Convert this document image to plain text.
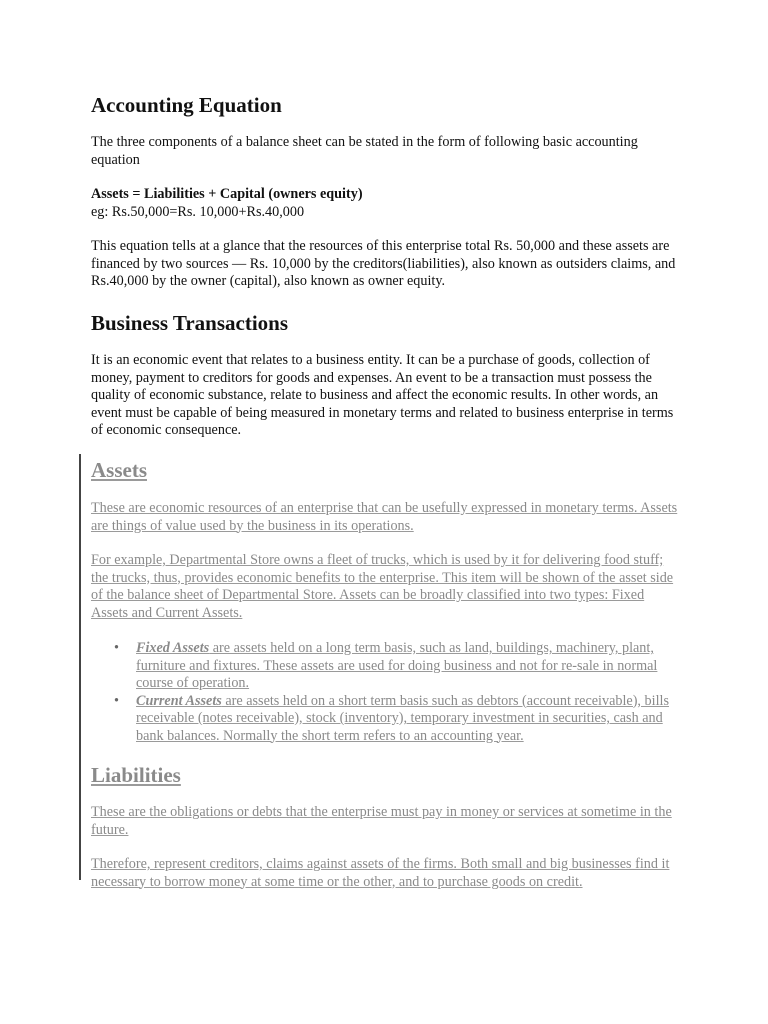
Accounting Equation

The three components of a balance sheet can be stated in the form of following basic accounting equation

Assets = Liabilities + Capital (owners equity)

eg: Rs.50,000=Rs. 10,000+Rs.40,000

This equation tells at a glance that the resources of this enterprise total Rs. 50,000 and these assets are financed by two sources — Rs. 10,000 by the creditors(liabilities), also known as outsiders claims, and Rs.40,000 by the owner (capital), also known as owner equity.

Business Transactions

It is an economic event that relates to a business entity. It can be a purchase of goods, collection of money, payment to creditors for goods and expenses. An event to be a transaction must possess the quality of economic substance, relate to business and affect the economic results. In other words, an event must be capable of being measured in monetary terms and related to business enterprise in terms of economic consequence.

Assets

These are economic resources of an enterprise that can be usefully expressed in monetary terms. Assets are things of value used by the business in its operations.

For example, Departmental Store owns a fleet of trucks, which is used by it for delivering food stuff; the trucks, thus, provides economic benefits to the enterprise. This item will be shown of the asset side of the balance sheet of Departmental Store. Assets can be broadly classified into two types: Fixed Assets and Current Assets.

• Fixed Assets are assets held on a long term basis, such as land, buildings, machinery, plant, furniture and fixtures. These assets are used for doing business and not for re-sale in normal course of operation.
• Current Assets are assets held on a short term basis such as debtors (account receivable), bills receivable (notes receivable), stock (inventory), temporary investment in securities, cash and bank balances. Normally the short term refers to an accounting year.
Liabilities

These are the obligations or debts that the enterprise must pay in money or services at sometime in the future.

Therefore, represent creditors, claims against assets of the firms. Both small and big businesses find it necessary to borrow money at some time or the other, and to purchase goods on credit.
